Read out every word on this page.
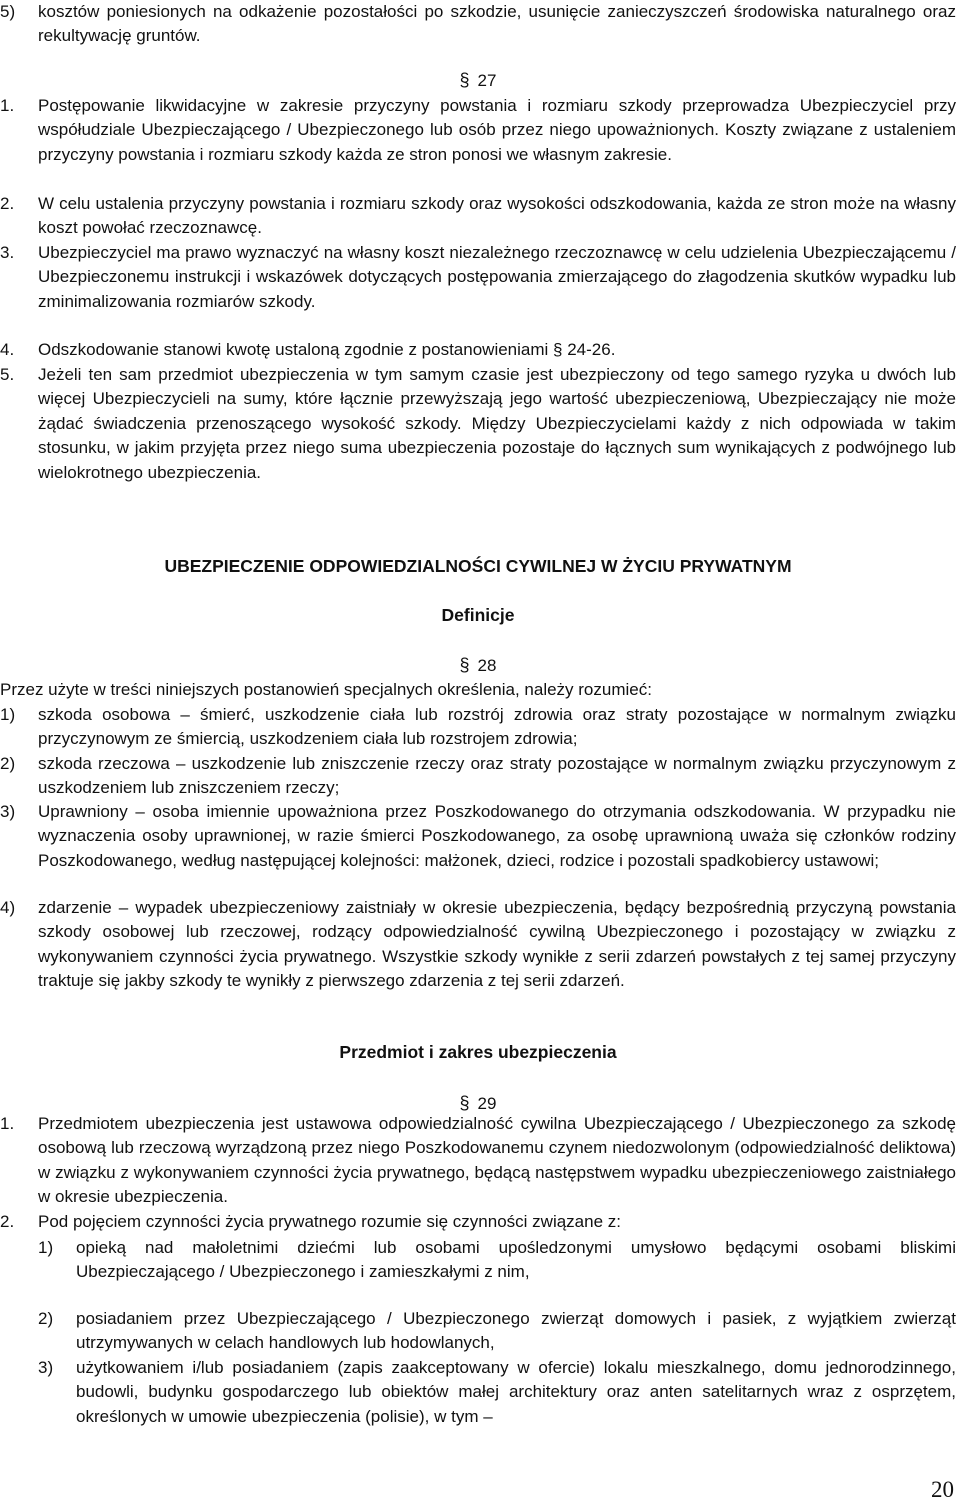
5) kosztów poniesionych na odkażenie pozostałości po szkodzie, usunięcie zanieczyszczeń środowiska naturalnego oraz rekultywację gruntów.
§ 27
1. Postępowanie likwidacyjne w zakresie przyczyny powstania i rozmiaru szkody przeprowadza Ubezpieczyciel przy współudziale Ubezpieczającego / Ubezpieczonego lub osób przez niego upoważnionych. Koszty związane z ustaleniem przyczyny powstania i rozmiaru szkody każda ze stron ponosi we własnym zakresie.
2. W celu ustalenia przyczyny powstania i rozmiaru szkody oraz wysokości odszkodowania, każda ze stron może na własny koszt powołać rzeczoznawcę.
3. Ubezpieczyciel ma prawo wyznaczyć na własny koszt niezależnego rzeczoznawcę w celu udzielenia Ubezpieczającemu / Ubezpieczonemu instrukcji i wskazówek dotyczących postępowania zmierzającego do złagodzenia skutków wypadku lub zminimalizowania rozmiarów szkody.
4. Odszkodowanie stanowi kwotę ustaloną zgodnie z postanowieniami § 24-26.
5. Jeżeli ten sam przedmiot ubezpieczenia w tym samym czasie jest ubezpieczony od tego samego ryzyka u dwóch lub więcej Ubezpieczycieli na sumy, które łącznie przewyższają jego wartość ubezpieczeniową, Ubezpieczający nie może żądać świadczenia przenoszącego wysokość szkody. Między Ubezpieczycielami każdy z nich odpowiada w takim stosunku, w jakim przyjęta przez niego suma ubezpieczenia pozostaje do łącznych sum wynikających z podwójnego lub wielokrotnego ubezpieczenia.
UBEZPIECZENIE ODPOWIEDZIALNOŚCI CYWILNEJ W ŻYCIU PRYWATNYM
Definicje
§ 28
Przez użyte w treści niniejszych postanowień specjalnych określenia, należy rozumieć:
1) szkoda osobowa – śmierć, uszkodzenie ciała lub rozstrój zdrowia oraz straty pozostające w normalnym związku przyczynowym ze śmiercią, uszkodzeniem ciała lub rozstrojem zdrowia;
2) szkoda rzeczowa – uszkodzenie lub zniszczenie rzeczy oraz straty pozostające w normalnym związku przyczynowym z uszkodzeniem lub zniszczeniem rzeczy;
3) Uprawniony – osoba imiennie upoważniona przez Poszkodowanego do otrzymania odszkodowania. W przypadku nie wyznaczenia osoby uprawnionej, w razie śmierci Poszkodowanego, za osobę uprawnioną uważa się członków rodziny Poszkodowanego, według następującej kolejności: małżonek, dzieci, rodzice i pozostali spadkobiercy ustawowi;
4) zdarzenie – wypadek ubezpieczeniowy zaistniały w okresie ubezpieczenia, będący bezpośrednią przyczyną powstania szkody osobowej lub rzeczowej, rodzący odpowiedzialność cywilną Ubezpieczonego i pozostający w związku z wykonywaniem czynności życia prywatnego. Wszystkie szkody wynikłe z serii zdarzeń powstałych z tej samej przyczyny traktuje się jakby szkody te wynikły z pierwszego zdarzenia z tej serii zdarzeń.
Przedmiot i zakres ubezpieczenia
§ 29
1. Przedmiotem ubezpieczenia jest ustawowa odpowiedzialność cywilna Ubezpieczającego / Ubezpieczonego za szkodę osobową lub rzeczową wyrządzoną przez niego Poszkodowanemu czynem niedozwolonym (odpowiedzialność deliktowa) w związku z wykonywaniem czynności życia prywatnego, będącą następstwem wypadku ubezpieczeniowego zaistniałego w okresie ubezpieczenia.
2. Pod pojęciem czynności życia prywatnego rozumie się czynności związane z:
1) opieką nad małoletnimi dziećmi lub osobami upośledzonymi umysłowo będącymi osobami bliskimi Ubezpieczającego / Ubezpieczonego i zamieszkałymi z nim,
2) posiadaniem przez Ubezpieczającego / Ubezpieczonego zwierząt domowych i pasiek, z wyjątkiem zwierząt utrzymywanych w celach handlowych lub hodowlanych,
3) użytkowaniem i/lub posiadaniem (zapis zaakceptowany w ofercie) lokalu mieszkalnego, domu jednorodzinnego, budowli, budynku gospodarczego lub obiektów małej architektury oraz anten satelitarnych wraz z osprzętem, określonych w umowie ubezpieczenia (polisie), w tym –
20
